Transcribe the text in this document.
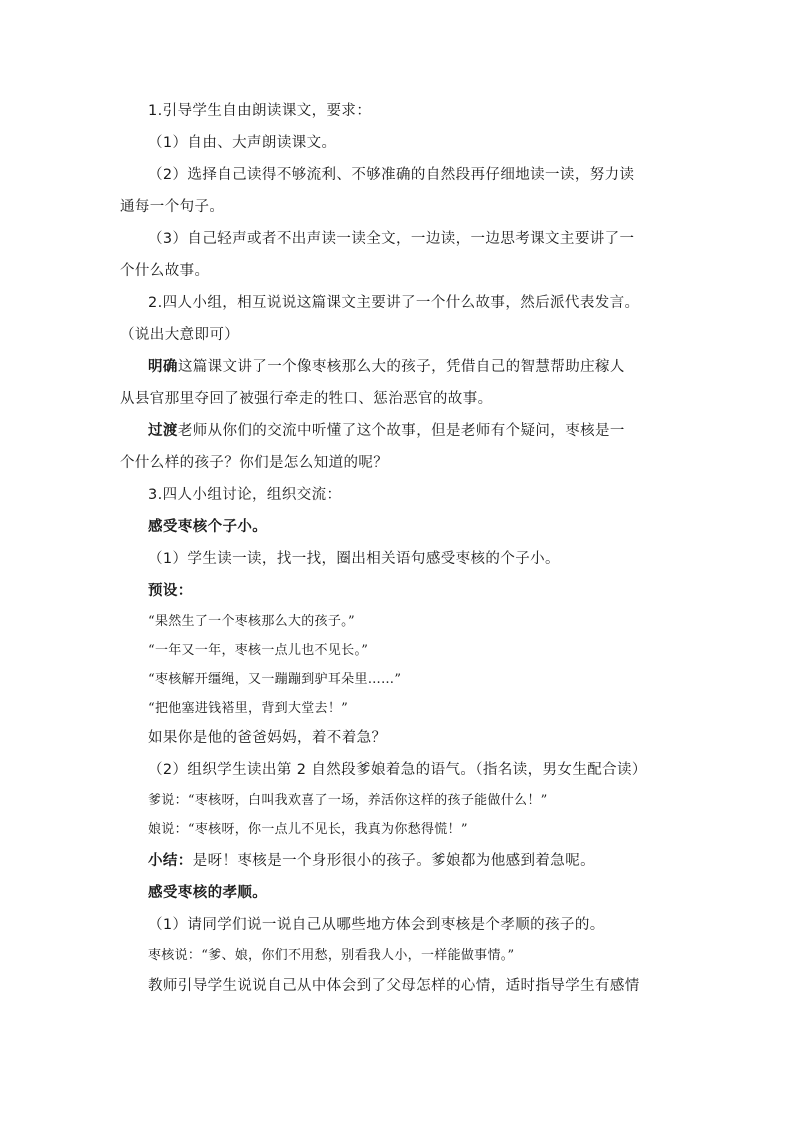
1.引导学生自由朗读课文，要求：

（1）自由、大声朗读课文。

（2）选择自己读得不够流利、不够准确的自然段再仔细地读一读，努力读

通每一个句子。

（3）自己轻声或者不出声读一读全文，一边读，一边思考课文主要讲了一

个什么故事。

2.四人小组，相互说说这篇课文主要讲了一个什么故事，然后派代表发言。

（说出大意即可）

明确这篇课文讲了一个像枣核那么大的孩子，凭借自己的智慧帮助庄稼人

从县官那里夺回了被强行牵走的牲口、惩治恶官的故事。

过渡老师从你们的交流中听懂了这个故事，但是老师有个疑问，枣核是一

个什么样的孩子？你们是怎么知道的呢？

3.四人小组讨论，组织交流：

感受枣核个子小。

（1）学生读一读，找一找，圈出相关语句感受枣核的个子小。

预设：

“果然生了一个枣核那么大的孩子。”

“一年又一年，枣核一点儿也不见长。”

“枣核解开缰绳，又一蹦蹦到驴耳朵里……”

“把他塞进钱褡里，背到大堂去！”

如果你是他的爸爸妈妈，着不着急？

（2）组织学生读出第 2 自然段爹娘着急的语气。（指名读，男女生配合读）

爹说：“枣核呀，白叫我欢喜了一场，养活你这样的孩子能做什么！”

娘说：“枣核呀，你一点儿不见长，我真为你愁得慌！”

小结：是呀！枣核是一个身形很小的孩子。爹娘都为他感到着急呢。

感受枣核的孝顺。

（1）请同学们说一说自己从哪些地方体会到枣核是个孝顺的孩子的。

枣核说：“爹、娘，你们不用愁，别看我人小，一样能做事情。”

教师引导学生说说自己从中体会到了父母怎样的心情，适时指导学生有感情
